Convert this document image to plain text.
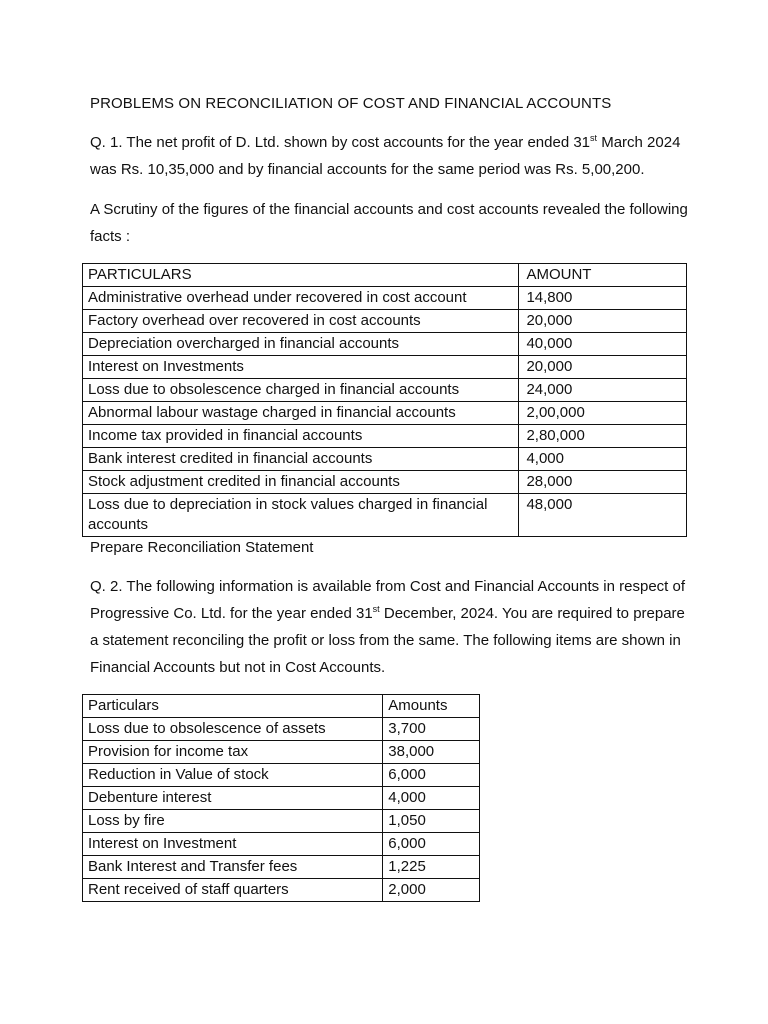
PROBLEMS ON RECONCILIATION OF COST AND FINANCIAL ACCOUNTS

Q. 1. The net profit of D. Ltd. shown by cost accounts for the year ended 31st March 2024 was Rs. 10,35,000 and by financial accounts for the same period was Rs. 5,00,200.

A Scrutiny of the figures of the financial accounts and cost accounts revealed the following facts :

PARTICULARS	AMOUNT
Administrative overhead under recovered in cost account	14,800
Factory overhead over recovered in cost accounts	20,000
Depreciation overcharged in financial accounts	40,000
Interest on Investments	20,000
Loss due to obsolescence charged in financial accounts	24,000
Abnormal labour wastage charged in financial accounts	2,00,000
Income tax provided in financial accounts	2,80,000
Bank interest credited in financial accounts	4,000
Stock adjustment credited in financial accounts	28,000
Loss due to depreciation in stock values charged in financial accounts	48,000

Prepare Reconciliation Statement

Q. 2. The following information is available from Cost and Financial Accounts in respect of Progressive Co. Ltd. for the year ended 31st December, 2024. You are required to prepare a statement reconciling the profit or loss from the same. The following items are shown in Financial Accounts but not in Cost Accounts.

Particulars	Amounts
Loss due to obsolescence of assets	3,700
Provision for income tax	38,000
Reduction in Value of stock	6,000
Debenture interest	4,000
Loss by fire	1,050
Interest on Investment	6,000
Bank Interest and Transfer fees	1,225
Rent received of staff quarters	2,000
